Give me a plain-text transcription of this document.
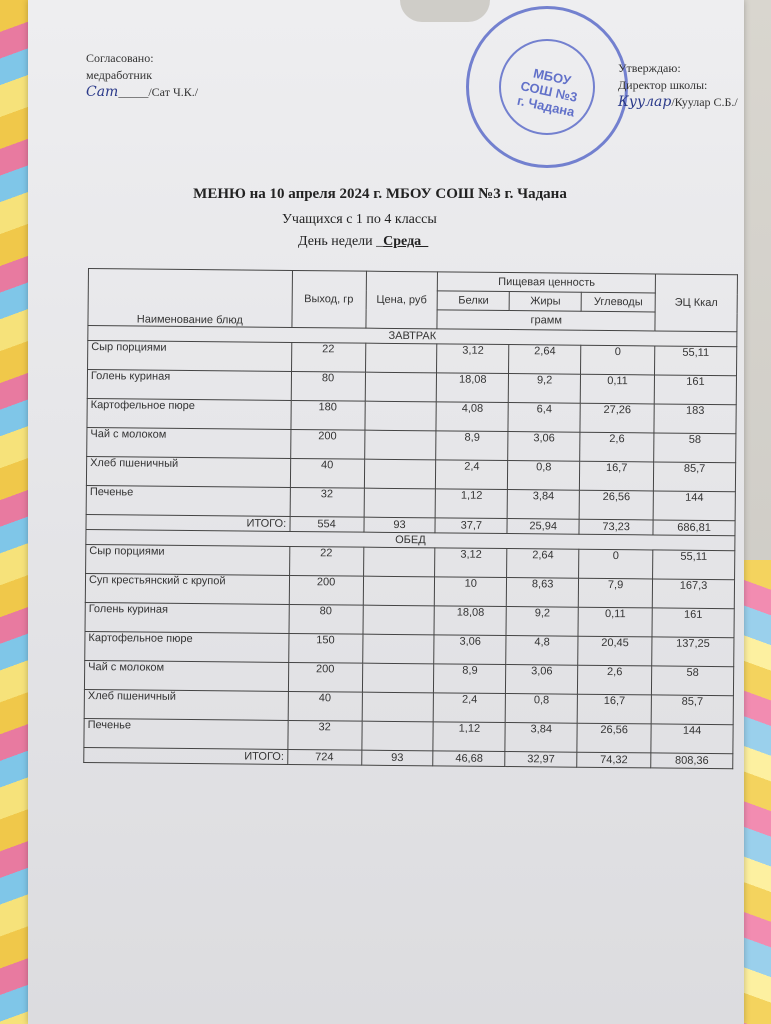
Согласовано:
медработник
Сат_____/Сат Ч.К./
МБОУ СОШ №3 г. Чадана
Утверждаю:
Директор школы:
Куулар/Куулар С.Б./
МЕНЮ на 10 апреля 2024 г. МБОУ СОШ №3 г. Чадана
Учащихся с 1 по 4 классы
День недели _Среда_
Наименование блюд	Выход, гр	Цена, руб	Пищевая ценность			ЭЦ Ккал
			Белки	Жиры	Углеводы	
			грамм			
ЗАВТРАК						
Сыр порциями	22		3,12	2,64	0	55,11
Голень куриная	80		18,08	9,2	0,11	161
Картофельное пюре	180		4,08	6,4	27,26	183
Чай с молоком	200		8,9	3,06	2,6	58
Хлеб пшеничный	40		2,4	0,8	16,7	85,7
Печенье	32		1,12	3,84	26,56	144
ИТОГО:	554	93	37,7	25,94	73,23	686,81
ОБЕД						
Сыр порциями	22		3,12	2,64	0	55,11
Суп крестьянский с крупой	200		10	8,63	7,9	167,3
Голень куриная	80		18,08	9,2	0,11	161
Картофельное пюре	150		3,06	4,8	20,45	137,25
Чай с молоком	200		8,9	3,06	2,6	58
Хлеб пшеничный	40		2,4	0,8	16,7	85,7
Печенье	32		1,12	3,84	26,56	144
ИТОГО:	724	93	46,68	32,97	74,32	808,36
